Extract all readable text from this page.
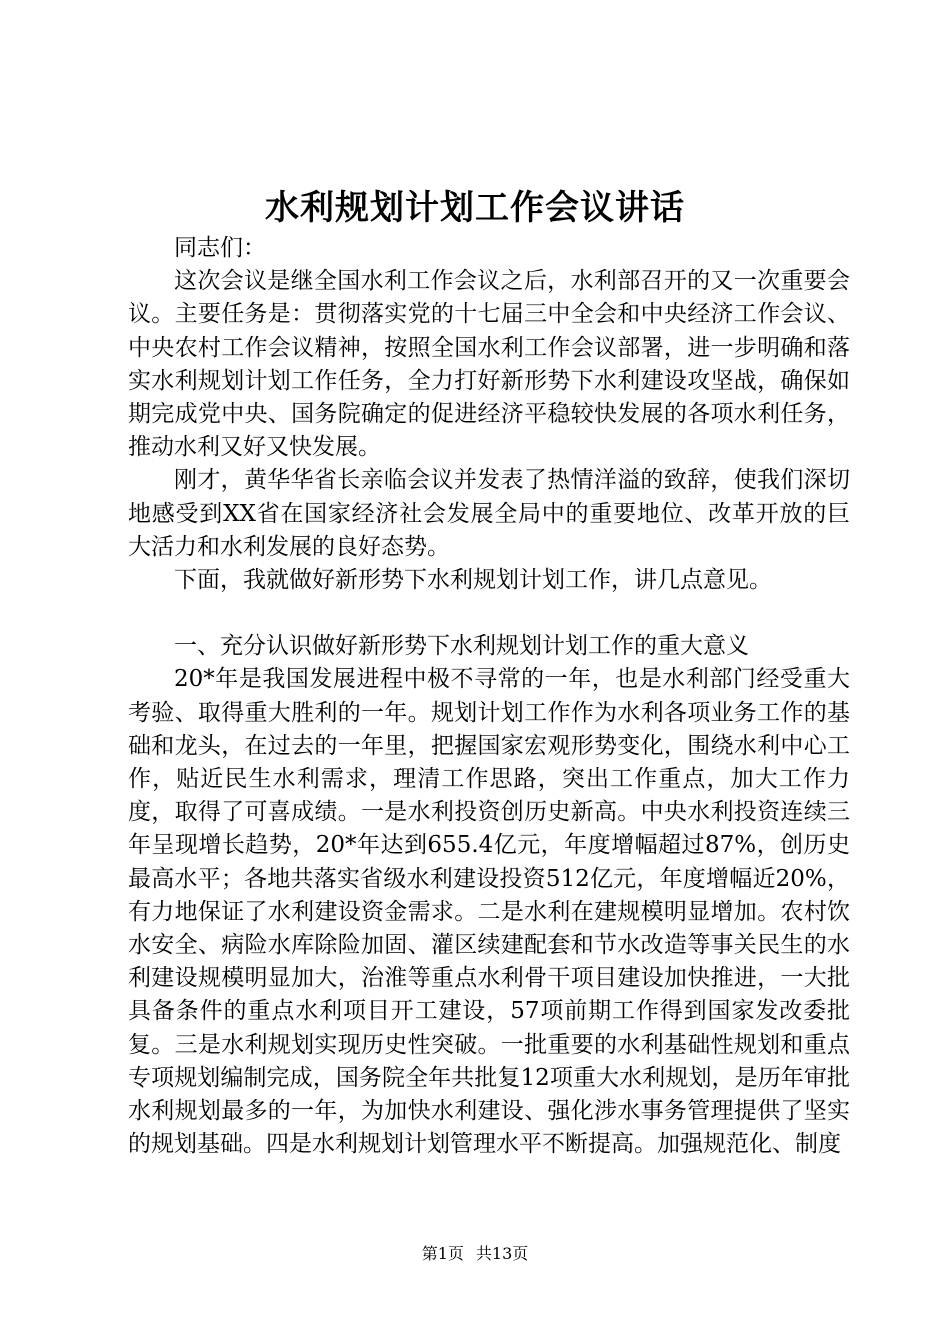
水利规划计划工作会议讲话

同志们：

这次会议是继全国水利工作会议之后，水利部召开的又一次重要会议。主要任务是：贯彻落实党的十七届三中全会和中央经济工作会议、中央农村工作会议精神，按照全国水利工作会议部署，进一步明确和落实水利规划计划工作任务，全力打好新形势下水利建设攻坚战，确保如期完成党中央、国务院确定的促进经济平稳较快发展的各项水利任务，推动水利又好又快发展。

刚才，黄华华省长亲临会议并发表了热情洋溢的致辞，使我们深切地感受到XX省在国家经济社会发展全局中的重要地位、改革开放的巨大活力和水利发展的良好态势。

下面，我就做好新形势下水利规划计划工作，讲几点意见。

一、充分认识做好新形势下水利规划计划工作的重大意义

20*年是我国发展进程中极不寻常的一年，也是水利部门经受重大考验、取得重大胜利的一年。规划计划工作作为水利各项业务工作的基础和龙头，在过去的一年里，把握国家宏观形势变化，围绕水利中心工作，贴近民生水利需求，理清工作思路，突出工作重点，加大工作力度，取得了可喜成绩。一是水利投资创历史新高。中央水利投资连续三年呈现增长趋势，20*年达到655.4亿元，年度增幅超过87%，创历史最高水平；各地共落实省级水利建设投资512亿元，年度增幅近20%，有力地保证了水利建设资金需求。二是水利在建规模明显增加。农村饮水安全、病险水库除险加固、灌区续建配套和节水改造等事关民生的水利建设规模明显加大，治淮等重点水利骨干项目建设加快推进，一大批具备条件的重点水利项目开工建设，57项前期工作得到国家发改委批复。三是水利规划实现历史性突破。一批重要的水利基础性规划和重点专项规划编制完成，国务院全年共批复12项重大水利规划，是历年审批水利规划最多的一年，为加快水利建设、强化涉水事务管理提供了坚实的规划基础。四是水利规划计划管理水平不断提高。加强规范化、制度

第1页 共13页
